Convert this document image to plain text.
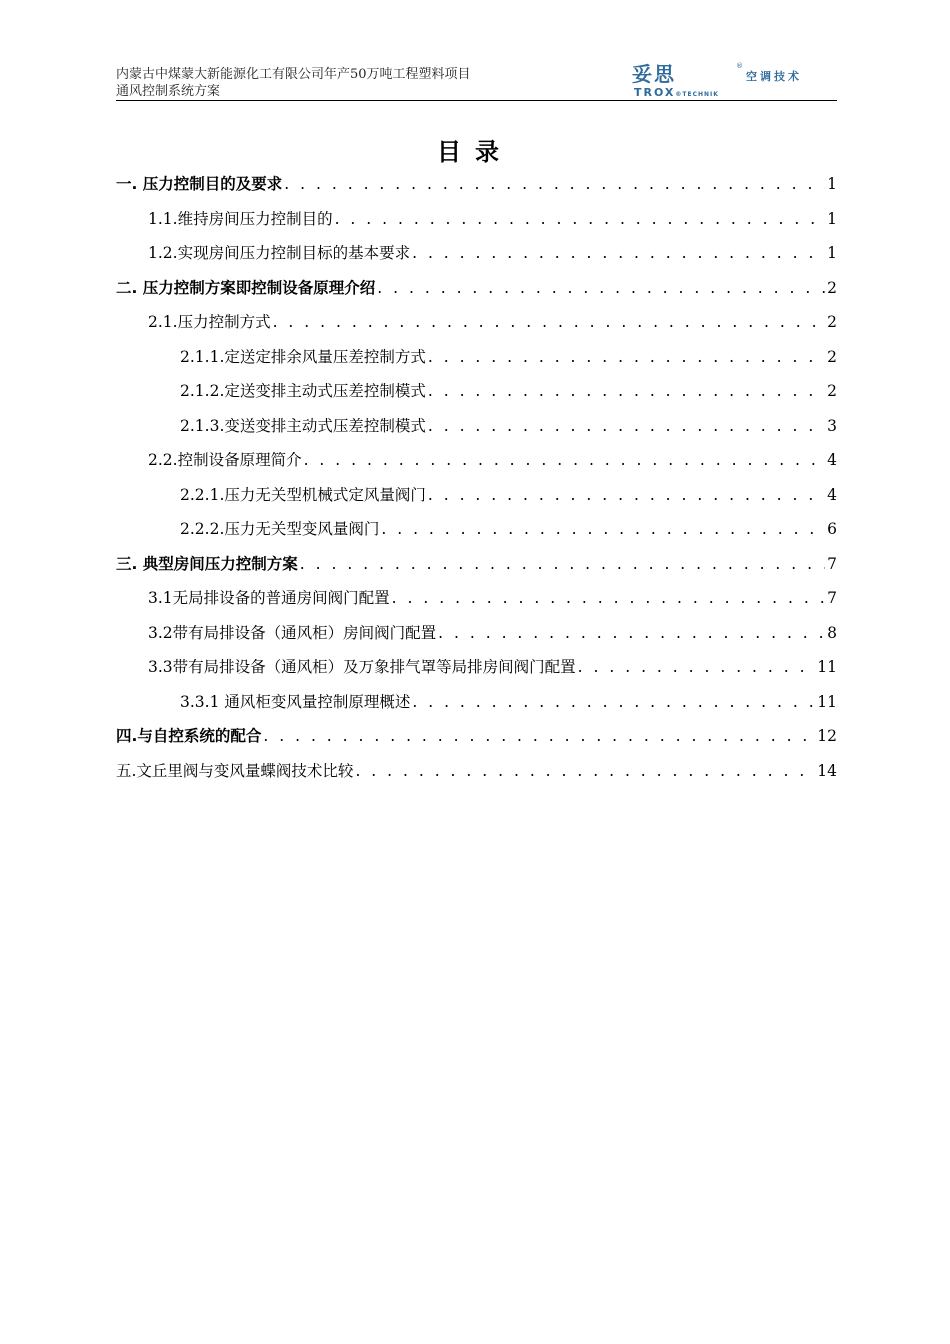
内蒙古中煤蒙大新能源化工有限公司年产50万吨工程塑料项目
通风控制系统方案
妥思	®
空调技术
TROX®TECHNIK
目录
一. 压力控制目的及要求 . . .	1
1.1.维持房间压力控制目的 . . .	1
1.2.实现房间压力控制目标的基本要求 . . .	1
二. 压力控制方案即控制设备原理介绍 . . .	2
2.1.压力控制方式 . . .	2
2.1.1.定送定排余风量压差控制方式 . . .	2
2.1.2.定送变排主动式压差控制模式 . . .	2
2.1.3.变送变排主动式压差控制模式 . . .	3
2.2.控制设备原理简介 . . .	4
2.2.1.压力无关型机械式定风量阀门 . . .	4
2.2.2.压力无关型变风量阀门 . . .	6
三. 典型房间压力控制方案 . . .	7
3.1无局排设备的普通房间阀门配置 . . .	7
3.2带有局排设备（通风柜）房间阀门配置 . . .	8
3.3带有局排设备（通风柜）及万象排气罩等局排房间阀门配置 . . .	11
3.3.1 通风柜变风量控制原理概述 . . .	11
四.与自控系统的配合 . . .	12
五.文丘里阀与变风量蝶阀技术比较 . . .	14
